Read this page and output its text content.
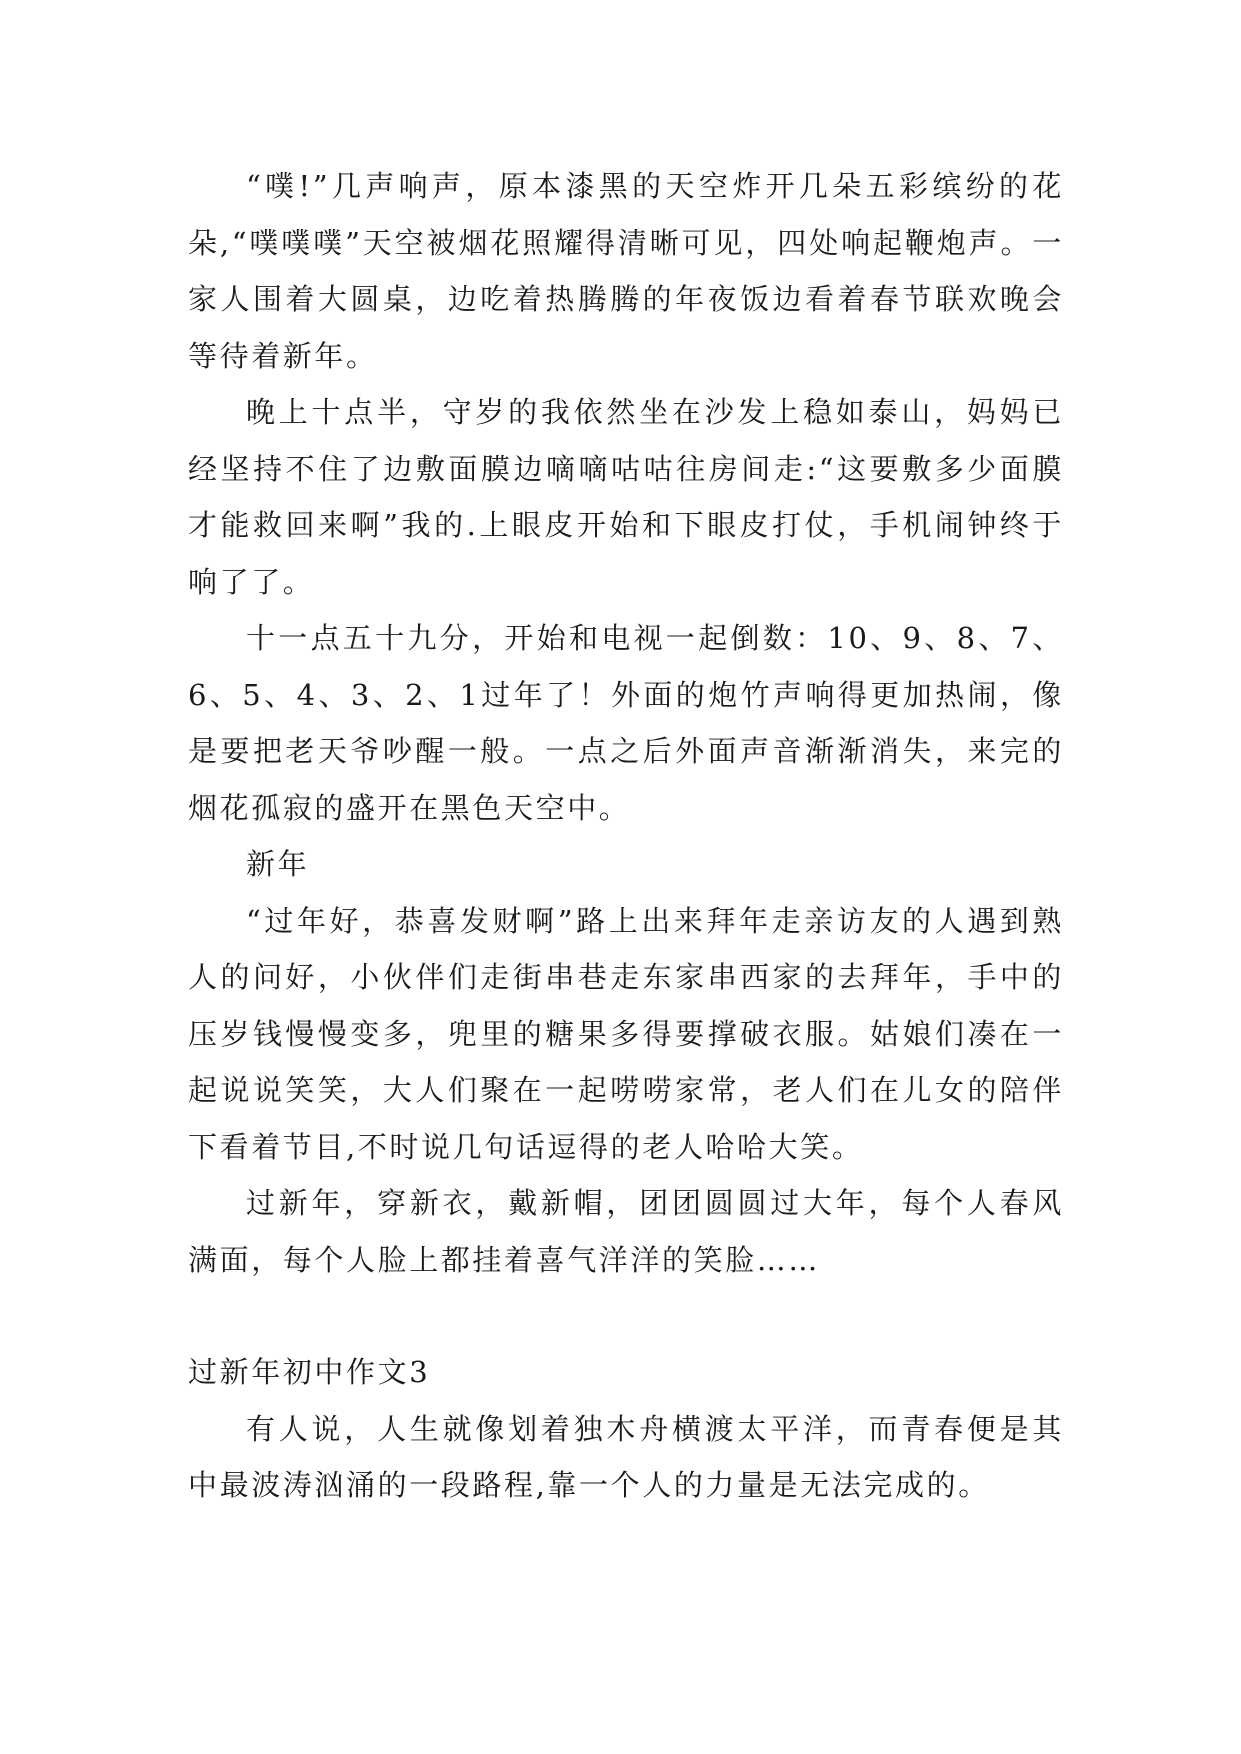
“噗!”几声响声，原本漆黑的天空炸开几朵五彩缤纷的花朵,“噗噗噗”天空被烟花照耀得清晰可见，四处响起鞭炮声。一家人围着大圆桌，边吃着热腾腾的年夜饭边看着春节联欢晚会等待着新年。

晚上十点半，守岁的我依然坐在沙发上稳如泰山，妈妈已经坚持不住了边敷面膜边嘀嘀咕咕往房间走:“这要敷多少面膜才能救回来啊”我的.上眼皮开始和下眼皮打仗，手机闹钟终于响了了。

十一点五十九分，开始和电视一起倒数：10、9、8、7、6、5、4、3、2、1过年了！外面的炮竹声响得更加热闹，像是要把老天爷吵醒一般。一点之后外面声音渐渐消失，来完的烟花孤寂的盛开在黑色天空中。

新年

“过年好，恭喜发财啊”路上出来拜年走亲访友的人遇到熟人的问好，小伙伴们走街串巷走东家串西家的去拜年，手中的压岁钱慢慢变多，兜里的糖果多得要撑破衣服。姑娘们凑在一起说说笑笑，大人们聚在一起唠唠家常，老人们在儿女的陪伴下看着节目,不时说几句话逗得的老人哈哈大笑。

过新年，穿新衣，戴新帽，团团圆圆过大年，每个人春风满面，每个人脸上都挂着喜气洋洋的笑脸……

过新年初中作文3

有人说，人生就像划着独木舟横渡太平洋，而青春便是其中最波涛汹涌的一段路程,靠一个人的力量是无法完成的。
